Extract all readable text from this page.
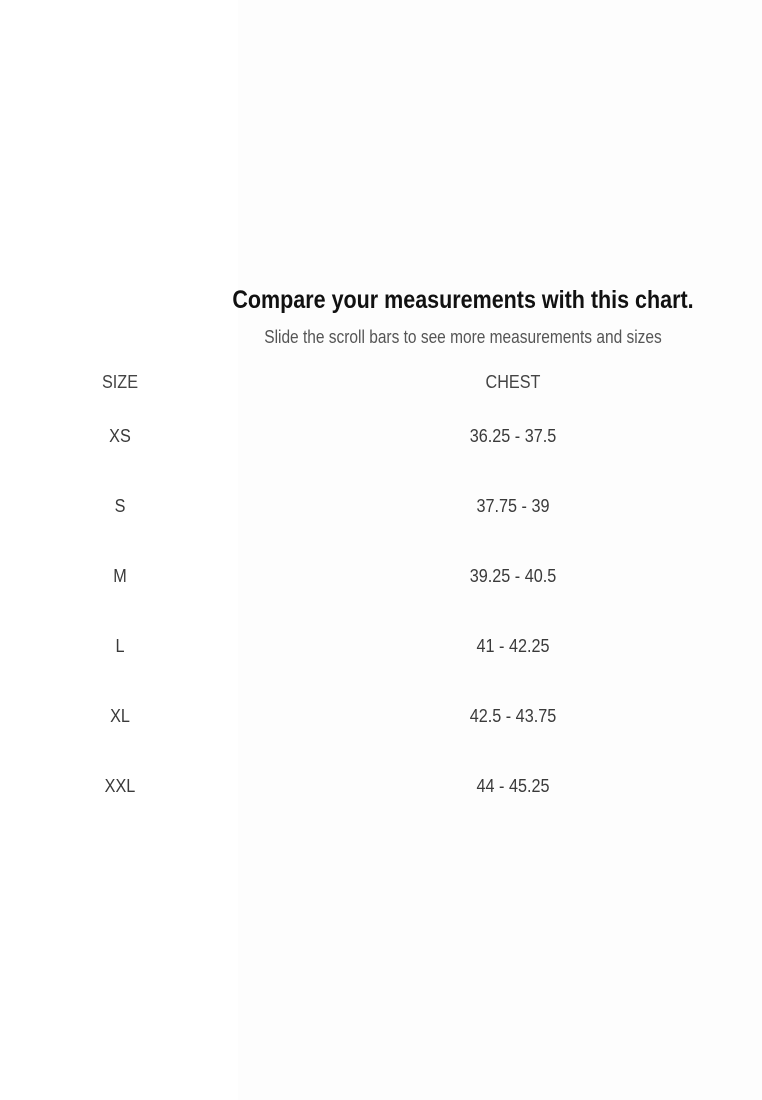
Compare your measurements with this chart.

Slide the scroll bars to see more measurements and sizes

SIZE	CHEST
XS	36.25 - 37.5
S	37.75 - 39
M	39.25 - 40.5
L	41 - 42.25
XL	42.5 - 43.75
XXL	44 - 45.25
